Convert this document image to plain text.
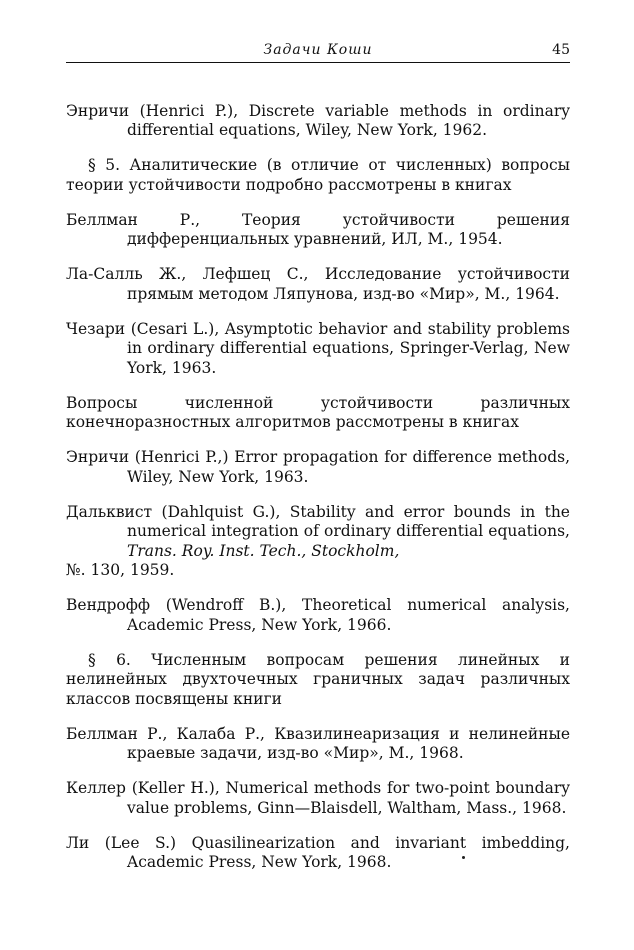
Задачи Коши	45

Энричи (Henrici P.), Discrete variable methods in ordinary differential equations, Wiley, New York, 1962.

§ 5. Аналитические (в отличие от численных) вопросы теории устойчивости подробно рассмотрены в книгах

Беллман Р., Теория устойчивости решения дифференциальных уравнений, ИЛ, М., 1954.

Ла-Салль Ж., Лефшец С., Исследование устойчивости прямым методом Ляпунова, изд-во «Мир», М., 1964.

Чезари (Cesari L.), Asymptotic behavior and stability problems in ordinary differential equations, Springer-Verlag, New York, 1963.

Вопросы численной устойчивости различных конечноразностных алгоритмов рассмотрены в книгах

Энричи (Henrici P.,) Error propagation for difference methods, Wiley, New York, 1963.

Дальквист (Dahlquist G.), Stability and error bounds in the numerical integration of ordinary differential equations, Trans. Roy. Inst. Tech., Stockholm,
№. 130, 1959.

Вендрофф (Wendroff B.), Theoretical numerical analysis, Academic Press, New York, 1966.

§ 6. Численным вопросам решения линейных и нелинейных двухточечных граничных задач различных классов посвящены книги

Беллман Р., Калаба Р., Квазилинеаризация и нелинейные краевые задачи, изд-во «Мир», М., 1968.

Келлер (Keller H.), Numerical methods for two-point boundary value problems, Ginn—Blaisdell, Waltham, Mass., 1968.

Ли (Lee S.) Quasilinearization and invariant imbedding, Academic Press, New York, 1968.
